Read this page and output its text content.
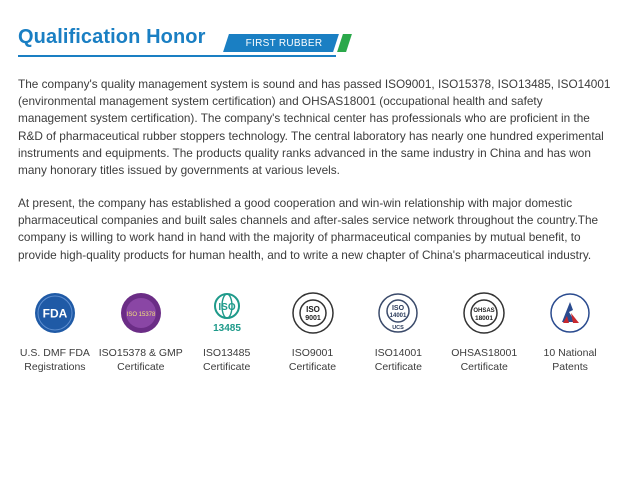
Qualification Honor	FIRST RUBBER

The company's quality management system is sound and has passed ISO9001, ISO15378, ISO13485, ISO14001 (environmental management system certification) and OHSAS18001 (occupational health and safety management system certification). The company's technical center has professionals who are proficient in the R&D of pharmaceutical rubber stoppers technology. The central laboratory has nearly one hundred experimental instruments and equipments. The products quality ranks advanced in the same industry in China and has won many honorary titles issued by governments at various levels.

At present, the company has established a good cooperation and win-win relationship with major domestic pharmaceutical companies and built sales channels and after-sales service network throughout the country.The company is willing to work hand in hand with the majority of pharmaceutical companies by mutual benefit, to provide high-quality products for human health, and to write a new chapter of China's pharmaceutical industry.

FDA
U.S. DMF FDA
Registrations
ISO 15378
ISO15378 & GMP
Certificate
ISO
13485
ISO13485
Certificate
ISO
9001
ISO9001
Certificate
ISO
14001
UCS
ISO14001
Certificate
OHSAS
18001
OHSAS18001
Certificate
10 National
Patents
